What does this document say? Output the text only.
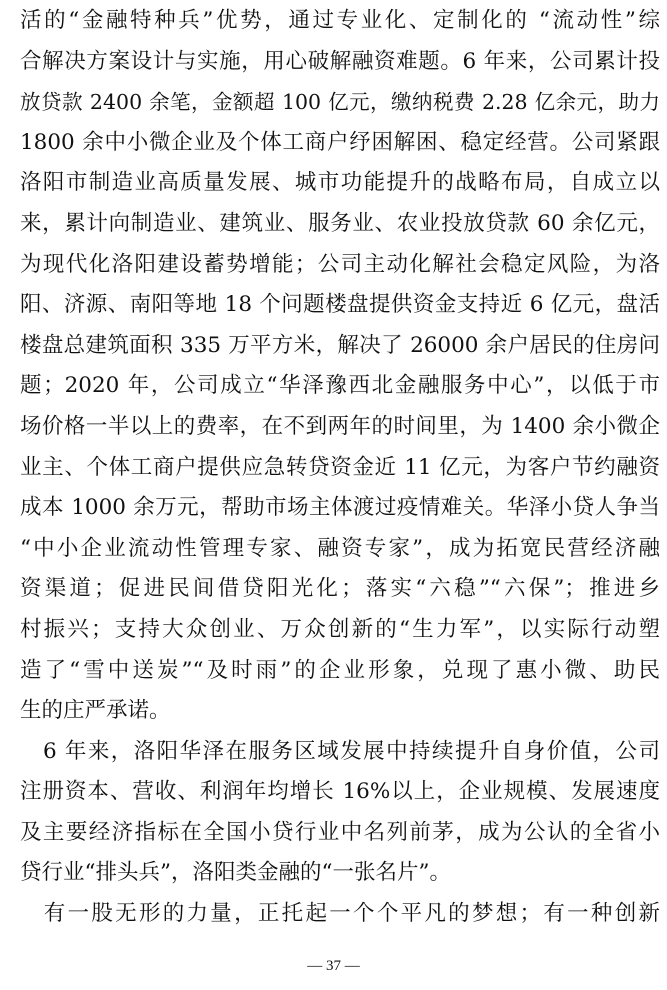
活的“金融特种兵”优势，通过专业化、定制化的 “流动性”综
合解决方案设计与实施，用心破解融资难题。6 年来，公司累计投
放贷款 2400 余笔，金额超 100 亿元，缴纳税费 2.28 亿余元，助力
1800 余中小微企业及个体工商户纾困解困、稳定经营。公司紧跟
洛阳市制造业高质量发展、城市功能提升的战略布局，自成立以
来，累计向制造业、建筑业、服务业、农业投放贷款 60 余亿元，
为现代化洛阳建设蓄势增能；公司主动化解社会稳定风险，为洛
阳、济源、南阳等地 18 个问题楼盘提供资金支持近 6 亿元，盘活
楼盘总建筑面积 335 万平方米，解决了 26000 余户居民的住房问
题；2020 年，公司成立“华泽豫西北金融服务中心”，以低于市
场价格一半以上的费率，在不到两年的时间里，为 1400 余小微企
业主、个体工商户提供应急转贷资金近 11 亿元，为客户节约融资
成本 1000 余万元，帮助市场主体渡过疫情难关。华泽小贷人争当
“中小企业流动性管理专家、融资专家”，成为拓宽民营经济融
资渠道；促进民间借贷阳光化；落实“六稳”“六保”；推进乡
村振兴；支持大众创业、万众创新的“生力军”，以实际行动塑
造了“雪中送炭”“及时雨”的企业形象，兑现了惠小微、助民
生的庄严承诺。
　6 年来，洛阳华泽在服务区域发展中持续提升自身价值，公司
注册资本、营收、利润年均增长 16%以上，企业规模、发展速度
及主要经济指标在全国小贷行业中名列前茅，成为公认的全省小
贷行业“排头兵”，洛阳类金融的“一张名片”。
　有一股无形的力量，正托起一个个平凡的梦想；有一种创新
— 37 —
